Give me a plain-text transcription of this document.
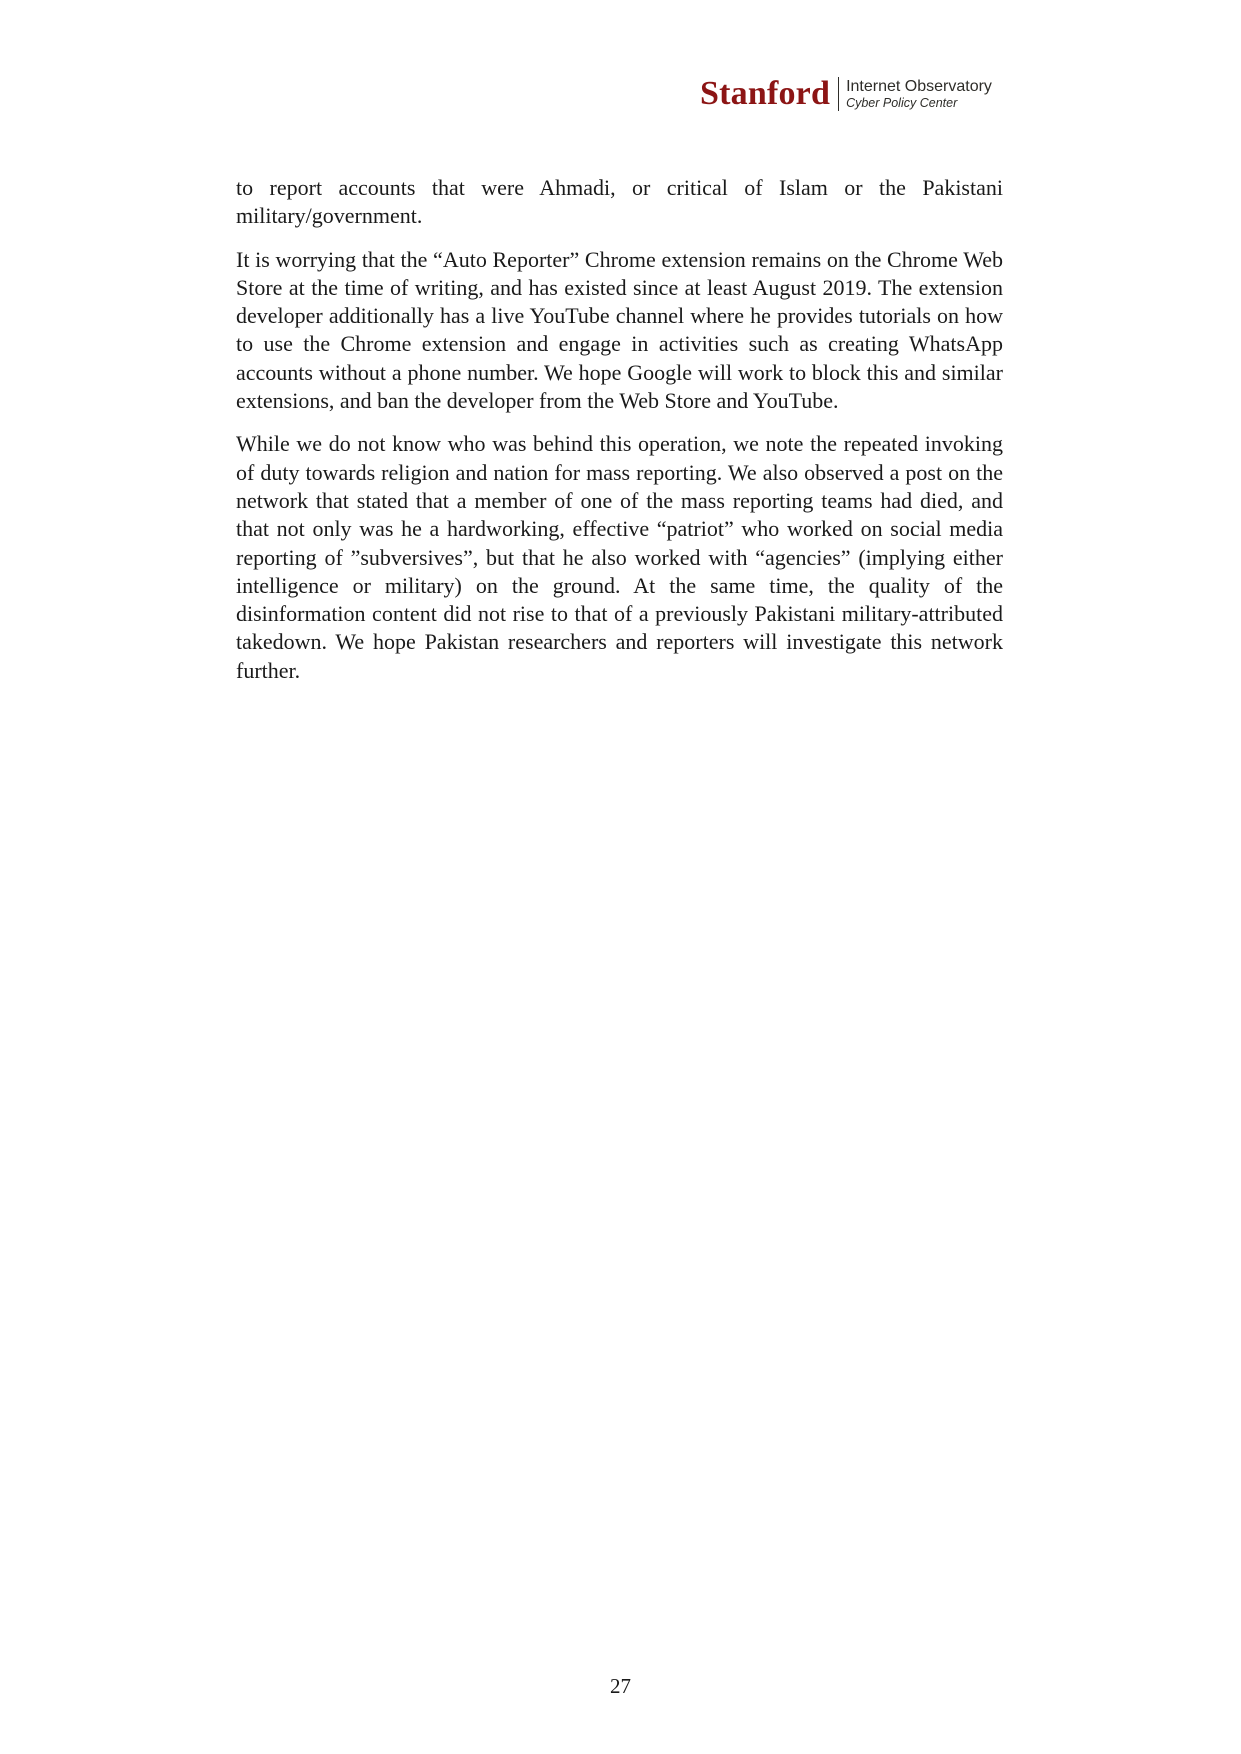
Stanford Internet Observatory
Cyber Policy Center

to report accounts that were Ahmadi, or critical of Islam or the Pakistani military/government.

It is worrying that the “Auto Reporter” Chrome extension remains on the Chrome Web Store at the time of writing, and has existed since at least August 2019. The extension developer additionally has a live YouTube channel where he provides tutorials on how to use the Chrome extension and engage in activities such as creating WhatsApp accounts without a phone number. We hope Google will work to block this and similar extensions, and ban the developer from the Web Store and YouTube.

While we do not know who was behind this operation, we note the repeated invoking of duty towards religion and nation for mass reporting. We also observed a post on the network that stated that a member of one of the mass reporting teams had died, and that not only was he a hardworking, effective “patriot” who worked on social media reporting of ”subversives”, but that he also worked with “agencies” (implying either intelligence or military) on the ground. At the same time, the quality of the disinformation content did not rise to that of a previously Pakistani military-attributed takedown. We hope Pakistan researchers and reporters will investigate this network further.

27
